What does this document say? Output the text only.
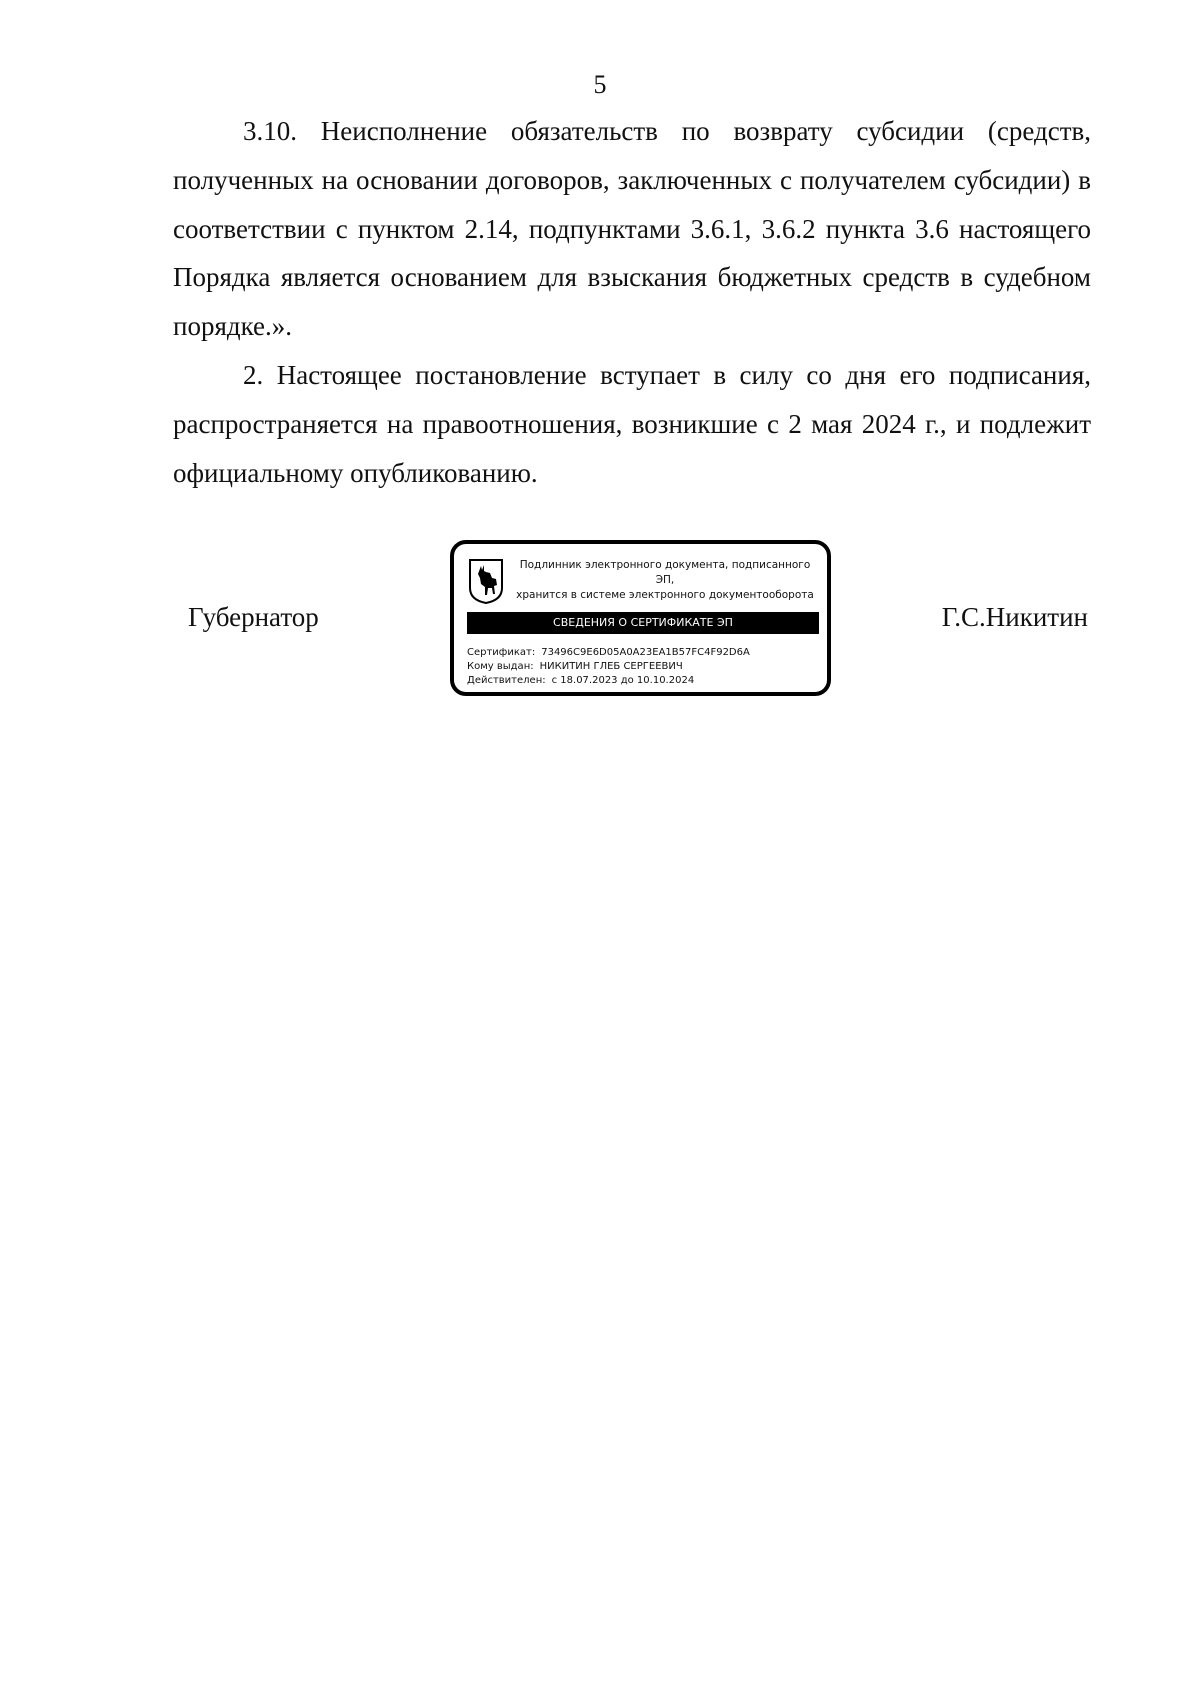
5

3.10. Неисполнение обязательств по возврату субсидии (средств, полученных на основании договоров, заключенных с получателем субсидии) в соответствии с пунктом 2.14, подпунктами 3.6.1, 3.6.2 пункта 3.6 настоящего Порядка является основанием для взыскания бюджетных средств в судебном порядке.».

2. Настоящее постановление вступает в силу со дня его подписания, распространяется на правоотношения, возникшие с 2 мая 2024 г., и подлежит официальному опубликованию.

Губернатор
Подлинник электронного документа, подписанного ЭП,
хранится в системе электронного документооборота
СВЕДЕНИЯ О СЕРТИФИКАТЕ ЭП
Сертификат: 73496C9E6D05A0A23EA1B57FC4F92D6A
Кому выдан: НИКИТИН ГЛЕБ СЕРГЕЕВИЧ
Действителен: с 18.07.2023 до 10.10.2024
Г.С.Никитин
